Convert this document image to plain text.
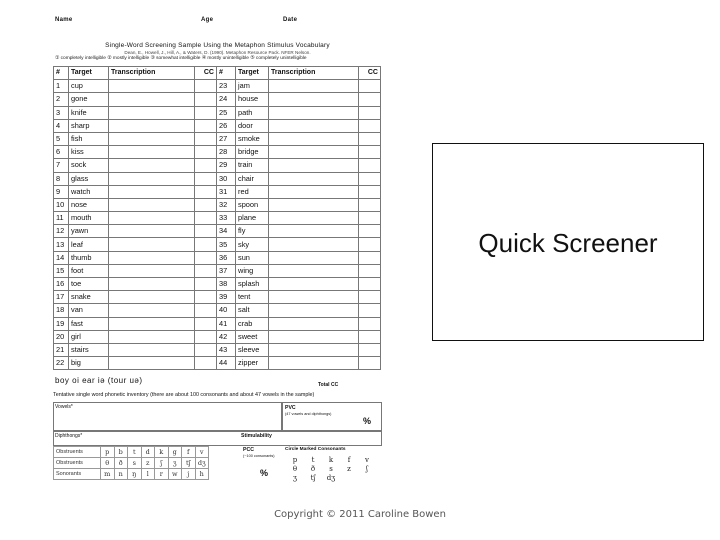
Name	Age	Date
Single-Word Screening Sample Using the Metaphon Stimulus Vocabulary
Dean, E., Howell, J., Hill, A., & Waters, D. (1990). Metaphon Resource Pack. NFER Nelson.
① completely intelligible ② mostly intelligible ③ somewhat intelligible ④ mostly unintelligible ⑤ completely unintelligible
#	Target	Transcription	CC	#	Target	Transcription	CC
1	cup			23	jam		
2	gone			24	house		
3	knife			25	path		
4	sharp			26	door		
5	fish			27	smoke		
6	kiss			28	bridge		
7	sock			29	train		
8	glass			30	chair		
9	watch			31	red		
10	nose			32	spoon		
11	mouth			33	plane		
12	yawn			34	fly		
13	leaf			35	sky		
14	thumb			36	sun		
15	foot			37	wing		
16	toe			38	splash		
17	snake			39	tent		
18	van			40	salt		
19	fast			41	crab		
20	girl			42	sweet		
21	stairs			43	sleeve		
22	big			44	zipper		
boy oi ear iə (tour uə)	Total CC
Tentative single word phonetic inventory (there are about 100 consonants and about 47 vowels in the sample)
Vowels*	PVC
(47 vowels and diphthongs)
%
Diphthongs*	Stimulability
Obstruents	p	b	t	d	k	g	f	v
Obstruents	θ	ð	s	z	ʃ	ʒ	tʃ	dʒ
Sonorants	m	n	ŋ	l	r	w	j	h
PCC
(~100 consonants)
%
Circle Marked Consonants
p	t	k	f	v
θ	ð	s	z	ʃ
ʒ	tʃ	dʒ		
Quick Screener
Copyright © 2011 Caroline Bowen
